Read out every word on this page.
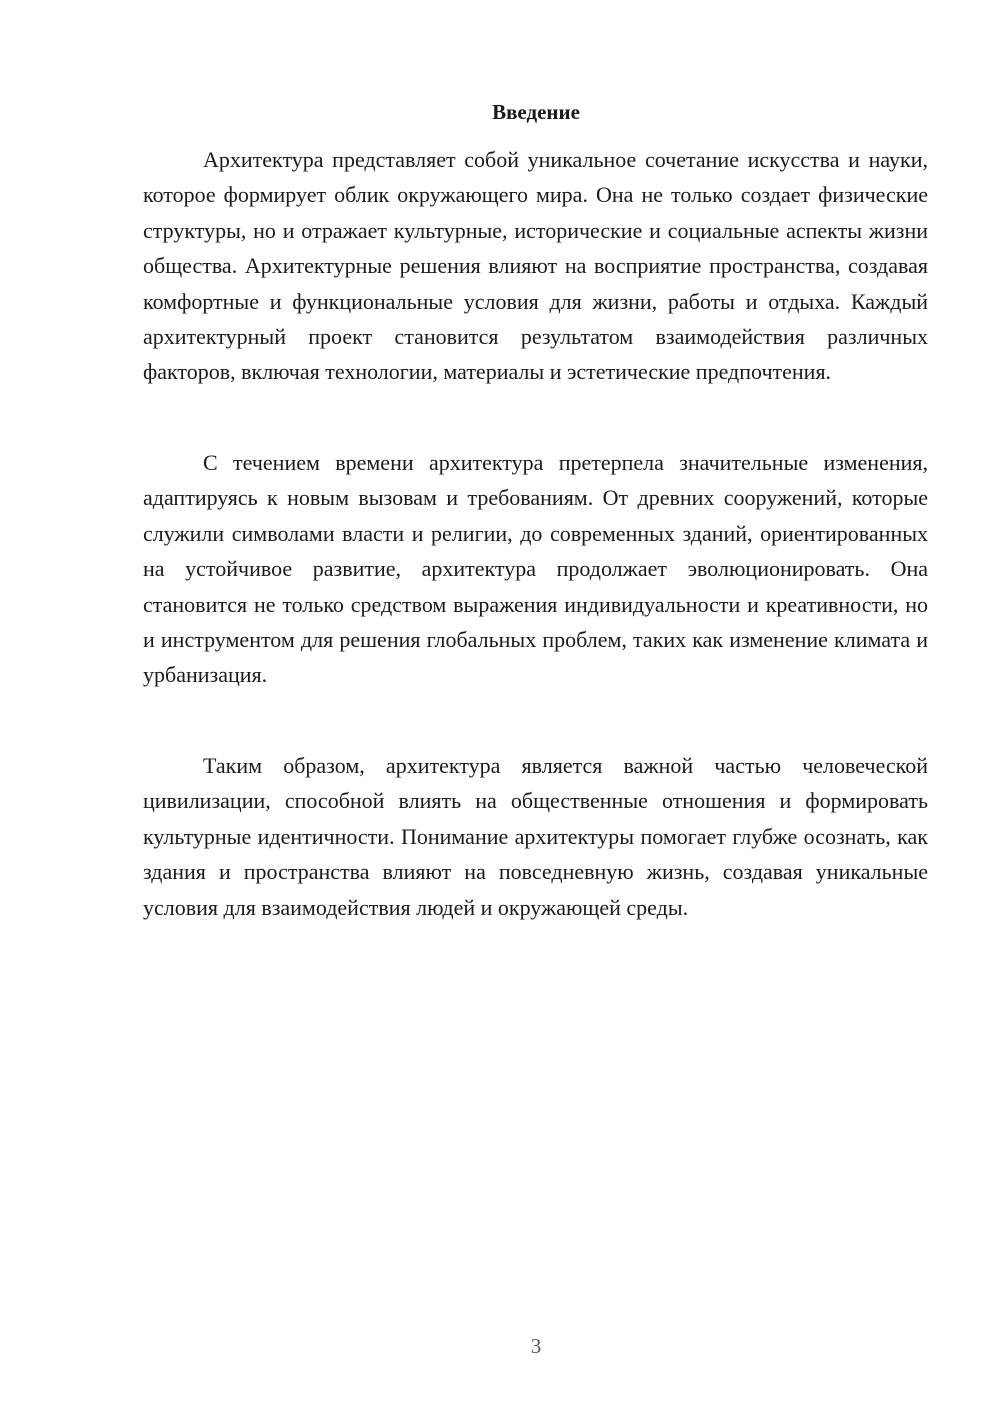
Введение

Архитектура представляет собой уникальное сочетание искусства и науки, которое формирует облик окружающего мира. Она не только создает физические структуры, но и отражает культурные, исторические и социальные аспекты жизни общества. Архитектурные решения влияют на восприятие пространства, создавая комфортные и функциональные условия для жизни, работы и отдыха. Каждый архитектурный проект становится результатом взаимодействия различных факторов, включая технологии, материалы и эстетические предпочтения.

С течением времени архитектура претерпела значительные изменения, адаптируясь к новым вызовам и требованиям. От древних сооружений, которые служили символами власти и религии, до современных зданий, ориентированных на устойчивое развитие, архитектура продолжает эволюционировать. Она становится не только средством выражения индивидуальности и креативности, но и инструментом для решения глобальных проблем, таких как изменение климата и урбанизация.

Таким образом, архитектура является важной частью человеческой цивилизации, способной влиять на общественные отношения и формировать культурные идентичности. Понимание архитектуры помогает глубже осознать, как здания и пространства влияют на повседневную жизнь, создавая уникальные условия для взаимодействия людей и окружающей среды.

3
